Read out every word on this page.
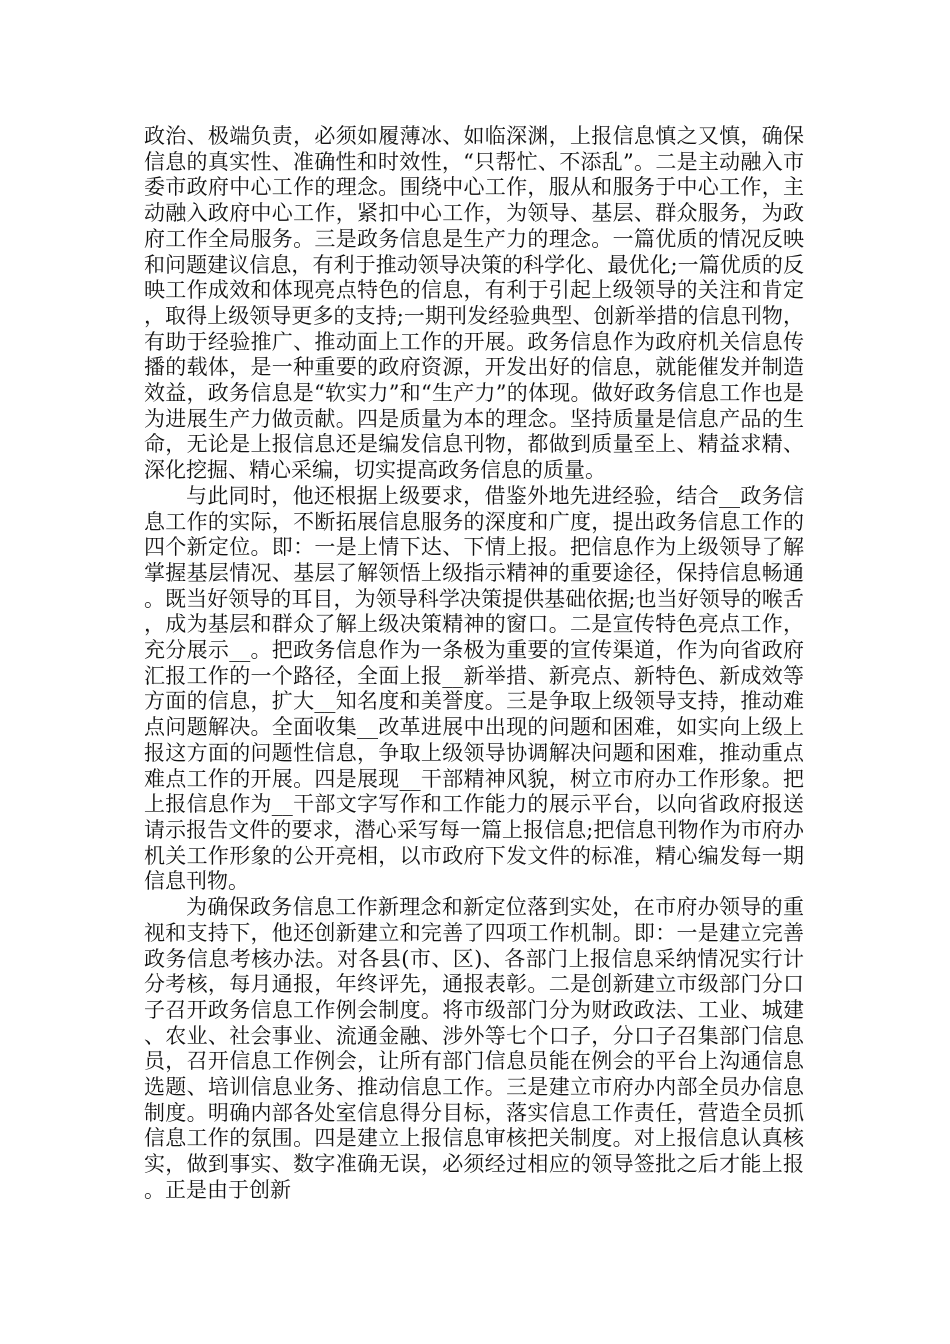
政治、极端负责，必须如履薄冰、如临深渊，上报信息慎之又慎，确保信息的真实性、准确性和时效性，“只帮忙、不添乱”。二是主动融入市委市政府中心工作的理念。围绕中心工作，服从和服务于中心工作，主动融入政府中心工作，紧扣中心工作，为领导、基层、群众服务，为政府工作全局服务。三是政务信息是生产力的理念。一篇优质的情况反映和问题建议信息，有利于推动领导决策的科学化、最优化;一篇优质的反映工作成效和体现亮点特色的信息，有利于引起上级领导的关注和肯定，取得上级领导更多的支持;一期刊发经验典型、创新举措的信息刊物，有助于经验推广、推动面上工作的开展。政务信息作为政府机关信息传播的载体，是一种重要的政府资源，开发出好的信息，就能催发并制造效益，政务信息是“软实力”和“生产力”的体现。做好政务信息工作也是为进展生产力做贡献。四是质量为本的理念。坚持质量是信息产品的生命，无论是上报信息还是编发信息刊物，都做到质量至上、精益求精、深化挖掘、精心采编，切实提高政务信息的质量。

与此同时，他还根据上级要求，借鉴外地先进经验，结合__政务信息工作的实际，不断拓展信息服务的深度和广度，提出政务信息工作的四个新定位。即：一是上情下达、下情上报。把信息作为上级领导了解掌握基层情况、基层了解领悟上级指示精神的重要途径，保持信息畅通。既当好领导的耳目，为领导科学决策提供基础依据;也当好领导的喉舌，成为基层和群众了解上级决策精神的窗口。二是宣传特色亮点工作，充分展示__。把政务信息作为一条极为重要的宣传渠道，作为向省政府汇报工作的一个路径，全面上报__新举措、新亮点、新特色、新成效等方面的信息，扩大__知名度和美誉度。三是争取上级领导支持，推动难点问题解决。全面收集__改革进展中出现的问题和困难，如实向上级上报这方面的问题性信息，争取上级领导协调解决问题和困难，推动重点难点工作的开展。四是展现__干部精神风貌，树立市府办工作形象。把上报信息作为__干部文字写作和工作能力的展示平台，以向省政府报送请示报告文件的要求，潜心采写每一篇上报信息;把信息刊物作为市府办机关工作形象的公开亮相，以市政府下发文件的标准，精心编发每一期信息刊物。

为确保政务信息工作新理念和新定位落到实处，在市府办领导的重视和支持下，他还创新建立和完善了四项工作机制。即：一是建立完善政务信息考核办法。对各县(市、区)、各部门上报信息采纳情况实行计分考核，每月通报，年终评先，通报表彰。二是创新建立市级部门分口子召开政务信息工作例会制度。将市级部门分为财政政法、工业、城建、农业、社会事业、流通金融、涉外等七个口子，分口子召集部门信息员，召开信息工作例会，让所有部门信息员能在例会的平台上沟通信息选题、培训信息业务、推动信息工作。三是建立市府办内部全员办信息制度。明确内部各处室信息得分目标，落实信息工作责任，营造全员抓信息工作的氛围。四是建立上报信息审核把关制度。对上报信息认真核实，做到事实、数字准确无误，必须经过相应的领导签批之后才能上报。正是由于创新
